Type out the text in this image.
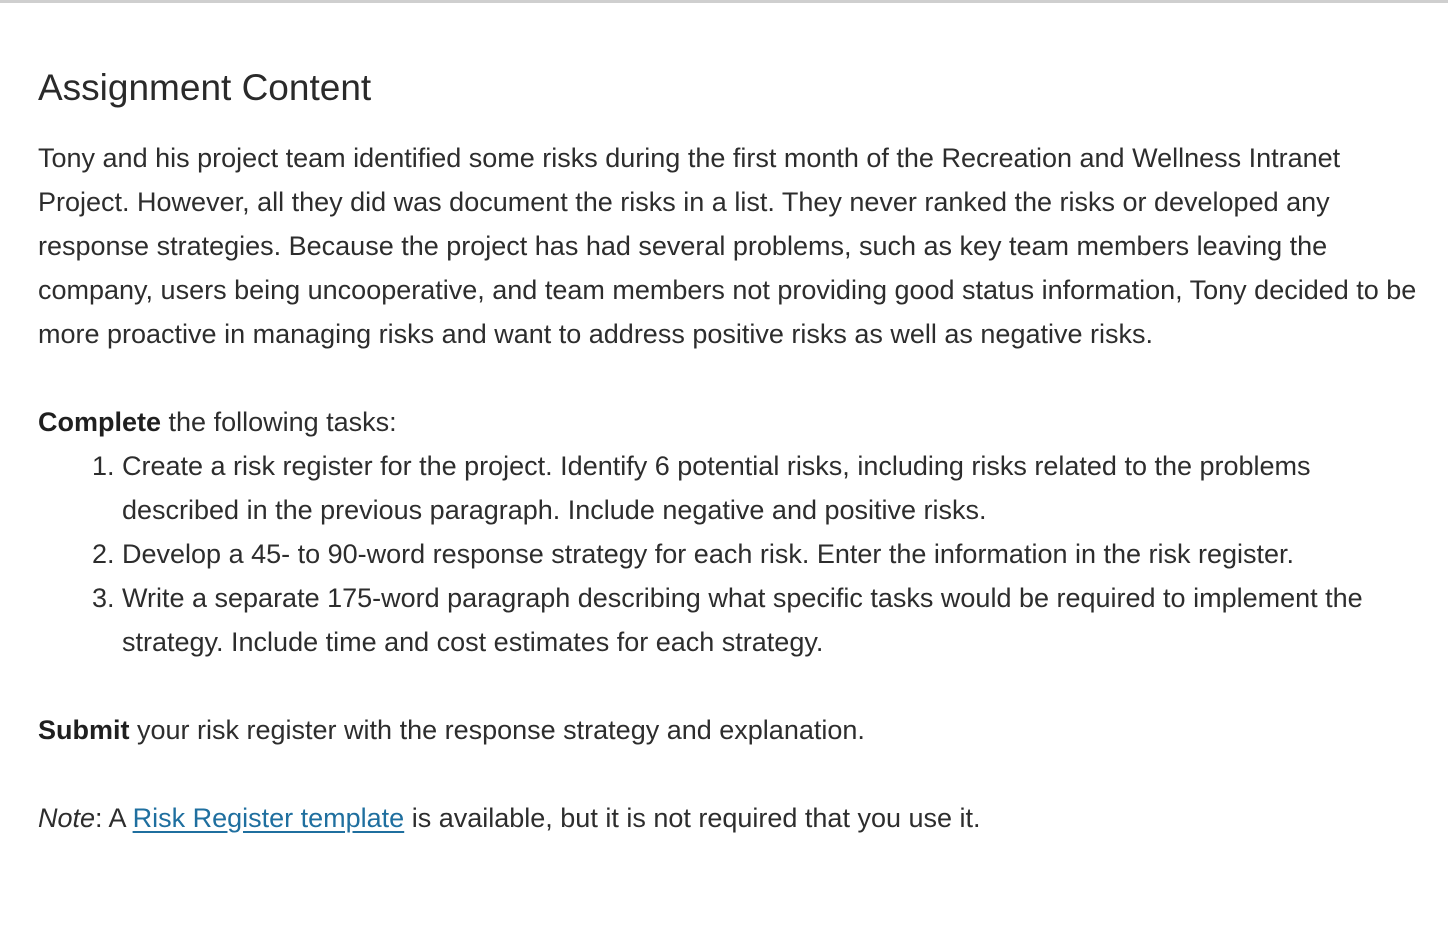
Assignment Content

Tony and his project team identified some risks during the first month of the Recreation and Wellness Intranet Project. However, all they did was document the risks in a list. They never ranked the risks or developed any response strategies. Because the project has had several problems, such as key team members leaving the company, users being uncooperative, and team members not providing good status information, Tony decided to be more proactive in managing risks and want to address positive risks as well as negative risks.

Complete the following tasks:

1. Create a risk register for the project. Identify 6 potential risks, including risks related to the problems described in the previous paragraph. Include negative and positive risks.
2. Develop a 45- to 90-word response strategy for each risk. Enter the information in the risk register.
3. Write a separate 175-word paragraph describing what specific tasks would be required to implement the strategy. Include time and cost estimates for each strategy.

Submit your risk register with the response strategy and explanation.

Note: A Risk Register template is available, but it is not required that you use it.
